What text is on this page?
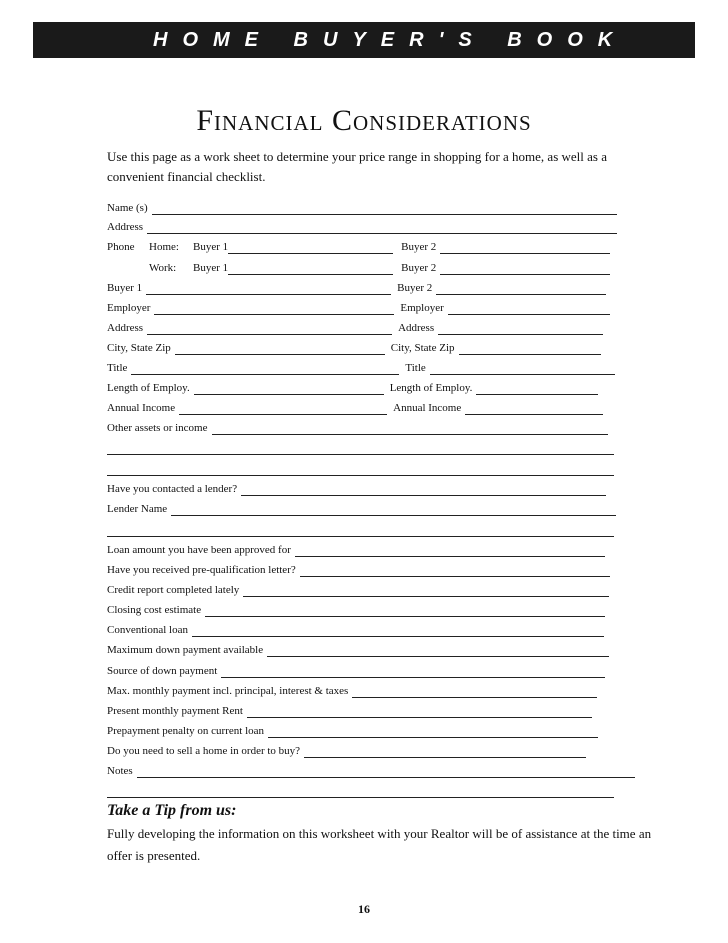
HOME BUYER'S BOOK
Financial Considerations
Use this page as a work sheet to determine your price range in shopping for a home, as well as a convenient financial checklist.
Name (s)
Address
Phone	Home:	Buyer 1	Buyer 2
Work:	Buyer 1	Buyer 2
Buyer 1	Buyer 2
Employer	Employer
Address	Address
City, State Zip	City, State Zip
Title	Title
Length of Employ.	Length of Employ.
Annual Income	Annual Income
Other assets or income
Have you contacted a lender?
Lender Name
Loan amount you have been approved for
Have you received pre-qualification letter?
Credit report completed lately
Closing cost estimate
Conventional loan
Maximum down payment available
Source of down payment
Max. monthly payment incl. principal, interest & taxes
Present monthly payment Rent
Prepayment penalty on current loan
Do you need to sell a home in order to buy?
Notes
Take a Tip from us:
Fully developing the information on this worksheet with your Realtor will be of assistance at the time an offer is presented.
16
